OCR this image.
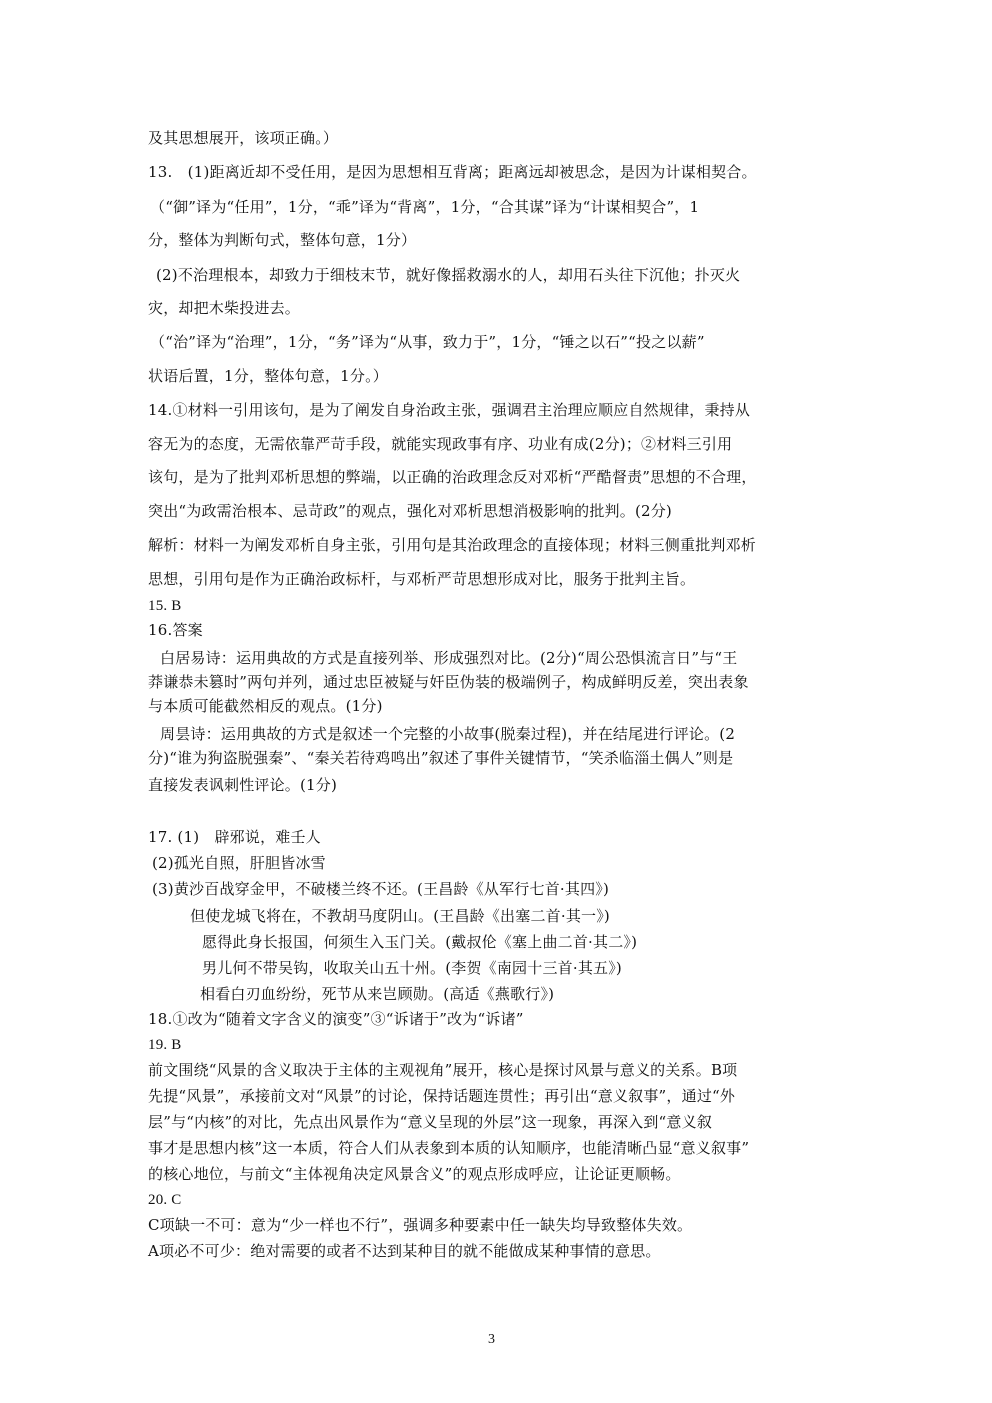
及其思想展开，该项正确。）
13.　(1)距离近却不受任用，是因为思想相互背离；距离远却被思念，是因为计谋相契合。
（“御”译为“任用”，1分，“乖”译为“背离”，1分，“合其谋”译为“计谋相契合”，1
分，整体为判断句式，整体句意，1分）
(2)不治理根本，却致力于细枝末节，就好像摇救溺水的人，却用石头往下沉他；扑灭火
灾，却把木柴投进去。
（“治”译为“治理”，1分，“务”译为“从事，致力于”，1分，“锤之以石”“投之以薪”
状语后置，1分，整体句意，1分。）
14.①材料一引用该句，是为了阐发自身治政主张，强调君主治理应顺应自然规律，秉持从
容无为的态度，无需依靠严苛手段，就能实现政事有序、功业有成(2分)；②材料三引用
该句，是为了批判邓析思想的弊端，以正确的治政理念反对邓析“严酷督责”思想的不合理，
突出“为政需治根本、忌苛政”的观点，强化对邓析思想消极影响的批判。(2分)
解析：材料一为阐发邓析自身主张，引用句是其治政理念的直接体现；材料三侧重批判邓析
思想，引用句是作为正确治政标杆，与邓析严苛思想形成对比，服务于批判主旨。
15. B
16.答案
白居易诗：运用典故的方式是直接列举、形成强烈对比。(2分)“周公恐惧流言日”与“王
莽谦恭未篡时”两句并列，通过忠臣被疑与奸臣伪装的极端例子，构成鲜明反差，突出表象
与本质可能截然相反的观点。(1分)
周昙诗：运用典故的方式是叙述一个完整的小故事(脱秦过程)，并在结尾进行评论。(2
分)“谁为狗盗脱强秦”、“秦关若待鸡鸣出”叙述了事件关键情节，“笑杀临淄土偶人”则是
直接发表讽刺性评论。(1分)
17. (1)　辟邪说，难壬人
(2)孤光自照，肝胆皆冰雪
(3)黄沙百战穿金甲，不破楼兰终不还。(王昌龄《从军行七首·其四》)
但使龙城飞将在，不教胡马度阴山。(王昌龄《出塞二首·其一》)
愿得此身长报国，何须生入玉门关。(戴叔伦《塞上曲二首·其二》)
男儿何不带吴钩，收取关山五十州。(李贺《南园十三首·其五》)
相看白刃血纷纷，死节从来岂顾勋。(高适《燕歌行》)
18.①改为“随着文字含义的演变”③“诉诸于”改为“诉诸”
19. B
前文围绕“风景的含义取决于主体的主观视角”展开，核心是探讨风景与意义的关系。B项
先提“风景”，承接前文对“风景”的讨论，保持话题连贯性；再引出“意义叙事”，通过“外
层”与“内核”的对比，先点出风景作为“意义呈现的外层”这一现象，再深入到“意义叙
事才是思想内核”这一本质，符合人们从表象到本质的认知顺序，也能清晰凸显“意义叙事”
的核心地位，与前文“主体视角决定风景含义”的观点形成呼应，让论证更顺畅。
20. C
C项缺一不可：意为“少一样也不行”，强调多种要素中任一缺失均导致整体失效。
A项必不可少：绝对需要的或者不达到某种目的就不能做成某种事情的意思。
3
